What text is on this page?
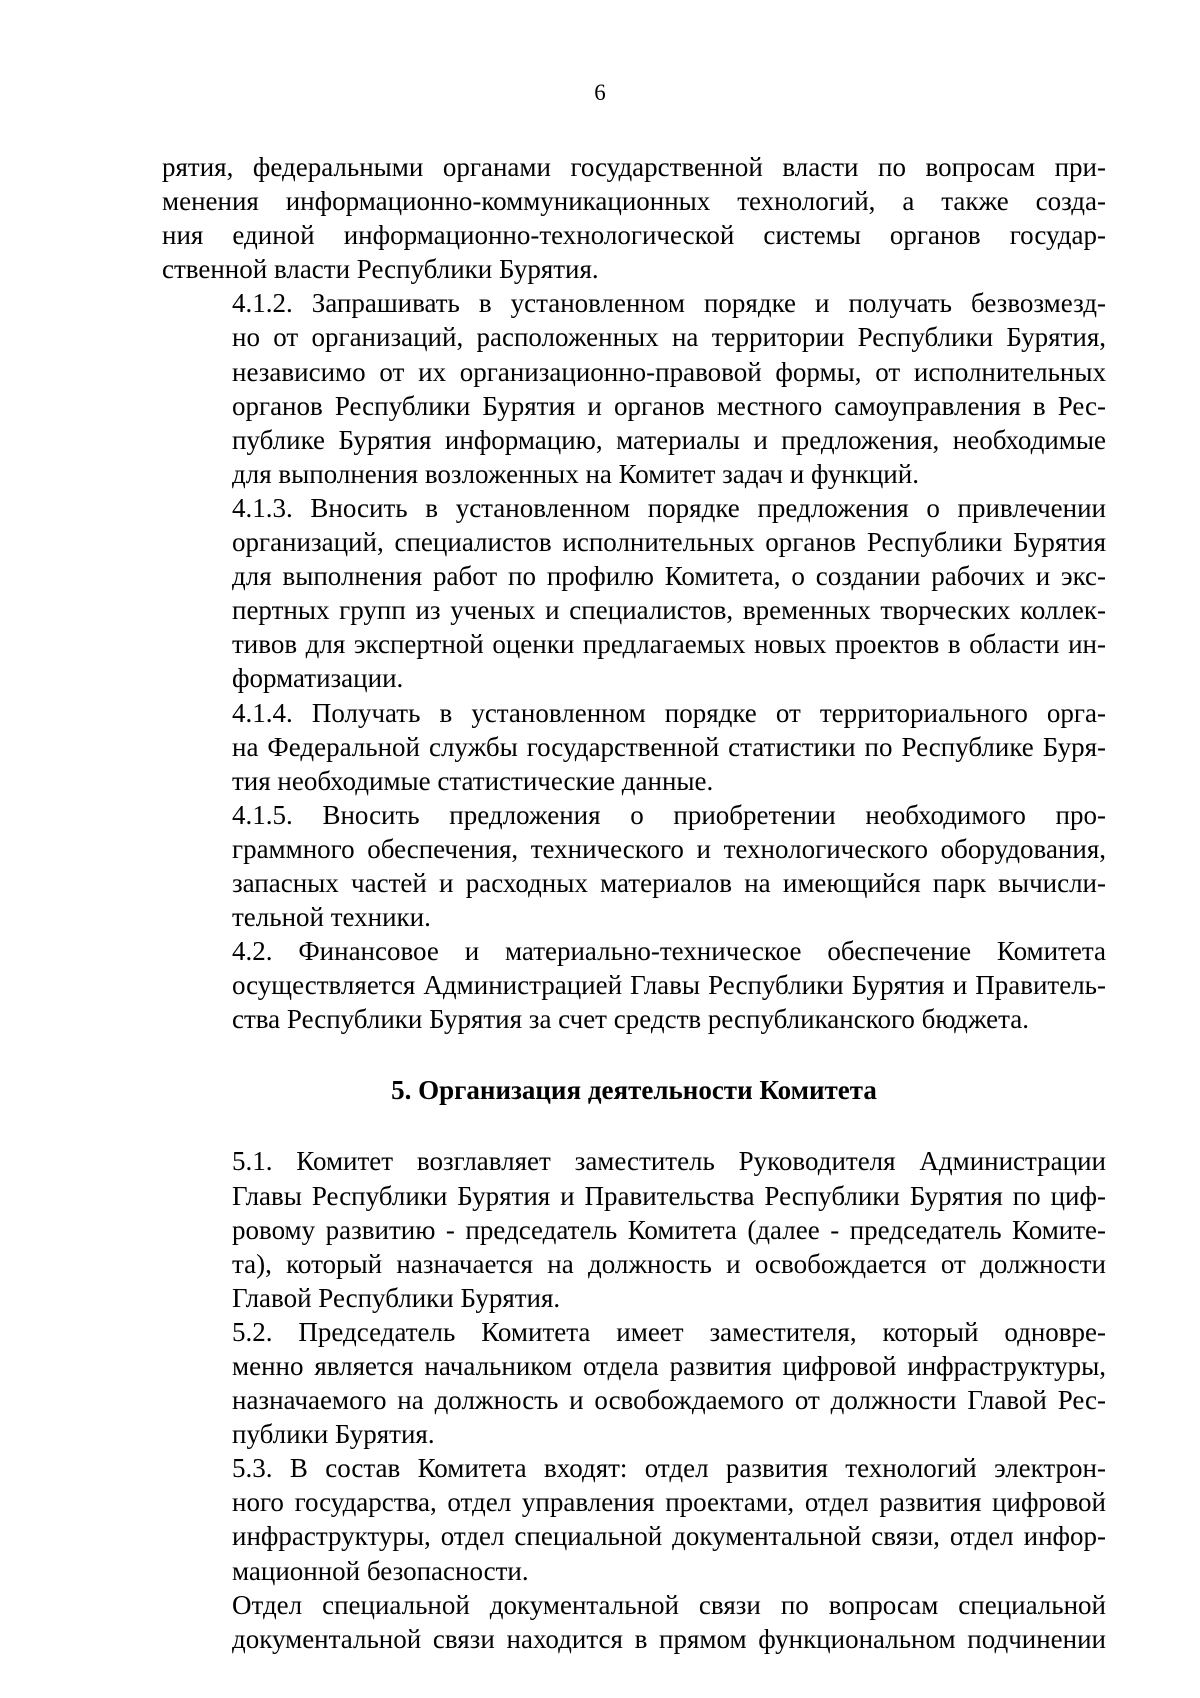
6

рятия, федеральными органами государственной власти по вопросам при-
менения информационно-коммуникационных технологий, а также созда-
ния единой информационно-технологической системы органов государ-
ственной власти Республики Бурятия.

4.1.2. Запрашивать в установленном порядке и получать безвозмезд-
но от организаций, расположенных на территории Республики Бурятия,
независимо от их организационно-правовой формы, от исполнительных
органов Республики Бурятия и органов местного самоуправления в Рес-
публике Бурятия информацию, материалы и предложения, необходимые
для выполнения возложенных на Комитет задач и функций.

4.1.3. Вносить в установленном порядке предложения о привлечении
организаций, специалистов исполнительных органов Республики Бурятия
для выполнения работ по профилю Комитета, о создании рабочих и экс-
пертных групп из ученых и специалистов, временных творческих коллек-
тивов для экспертной оценки предлагаемых новых проектов в области ин-
форматизации.

4.1.4. Получать в установленном порядке от территориального орга-
на Федеральной службы государственной статистики по Республике Буря-
тия необходимые статистические данные.

4.1.5. Вносить предложения о приобретении необходимого про-
граммного обеспечения, технического и технологического оборудования,
запасных частей и расходных материалов на имеющийся парк вычисли-
тельной техники.

4.2. Финансовое и материально-техническое обеспечение Комитета
осуществляется Администрацией Главы Республики Бурятия и Правитель-
ства Республики Бурятия за счет средств республиканского бюджета.

5. Организация деятельности Комитета

5.1. Комитет возглавляет заместитель Руководителя Администрации
Главы Республики Бурятия и Правительства Республики Бурятия по циф-
ровому развитию - председатель Комитета (далее - председатель Комите-
та), который назначается на должность и освобождается от должности
Главой Республики Бурятия.

5.2. Председатель Комитета имеет заместителя, который одновре-
менно является начальником отдела развития цифровой инфраструктуры,
назначаемого на должность и освобождаемого от должности Главой Рес-
публики Бурятия.

5.3. В состав Комитета входят: отдел развития технологий электрон-
ного государства, отдел управления проектами, отдел развития цифровой
инфраструктуры, отдел специальной документальной связи, отдел инфор-
мационной безопасности.

Отдел специальной документальной связи по вопросам специальной
документальной связи находится в прямом функциональном подчинении
